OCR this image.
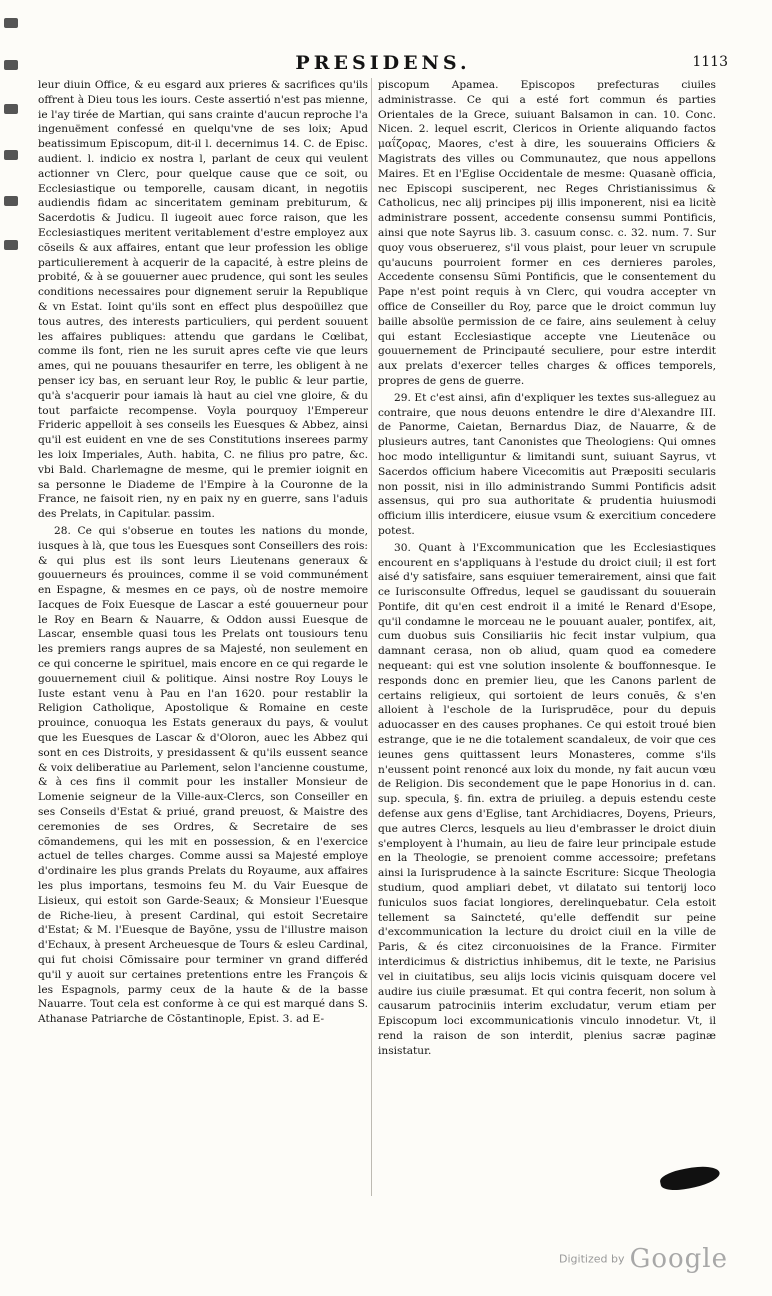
PRESIDENS.	1113

leur diuin Office, & eu esgard aux prieres & sacrifices qu'ils offrent à Dieu tous les iours. Ceste assertió n'est pas mienne, ie l'ay tirée de Martian, qui sans crainte d'aucun reproche l'a ingenuëment confessé en quelqu'vne de ses loix; Apud beatissimum Episcopum, dit-il l. decernimus 14. C. de Episc. audient. l. indicio ex nostra l, parlant de ceux qui veulent actionner vn Clerc, pour quelque cause que ce soit, ou Ecclesiastique ou temporelle, causam dicant, in negotiis audiendis fidam ac sinceritatem geminam prebiturum, & Sacerdotis & Judicu. Il iugeoit auec force raison, que les Ecclesiastiques meritent veritablement d'estre employez aux cõseils & aux affaires, entant que leur profession les oblige particulierement à acquerir de la capacité, à estre pleins de probité, & à se gouuerner auec prudence, qui sont les seules conditions necessaires pour dignement seruir la Republique & vn Estat. Ioint qu'ils sont en effect plus despoüillez que tous autres, des interests particuliers, qui perdent souuent les affaires publiques: attendu que gardans le Cœlibat, comme ils font, rien ne les suruit apres cefte vie que leurs ames, qui ne pouuans thesaurifer en terre, les obligent à ne penser icy bas, en seruant leur Roy, le public & leur partie, qu'à s'acquerir pour iamais là haut au ciel vne gloire, & du tout parfaicte recompense. Voyla pourquoy l'Empereur Frideric appelloit à ses conseils les Euesques & Abbez, ainsi qu'il est euident en vne de ses Constitutions inserees parmy les loix Imperiales, Auth. habita, C. ne filius pro patre, &c. vbi Bald. Charlemagne de mesme, qui le premier ioignit en sa personne le Diademe de l'Empire à la Couronne de la France, ne faisoit rien, ny en paix ny en guerre, sans l'aduis des Prelats, in Capitular. passim.

28. Ce qui s'obserue en toutes les nations du monde, iusques à là, que tous les Euesques sont Conseillers des rois: & qui plus est ils sont leurs Lieutenans generaux & gouuerneurs és prouinces, comme il se void communément en Espagne, & mesmes en ce pays, où de nostre memoire Iacques de Foix Euesque de Lascar a esté gouuerneur pour le Roy en Bearn & Nauarre, & Oddon aussi Euesque de Lascar, ensemble quasi tous les Prelats ont tousiours tenu les premiers rangs aupres de sa Majesté, non seulement en ce qui concerne le spirituel, mais encore en ce qui regarde le gouuernement ciuil & politique. Ainsi nostre Roy Louys le Iuste estant venu à Pau en l'an 1620. pour restablir la Religion Catholique, Apostolique & Romaine en ceste prouince, conuoqua les Estats generaux du pays, & voulut que les Euesques de Lascar & d'Oloron, auec les Abbez qui sont en ces Distroits, y presidassent & qu'ils eussent seance & voix deliberatiue au Parlement, selon l'ancienne coustume, & à ces fins il commit pour les installer Monsieur de Lomenie seigneur de la Ville-aux-Clercs, son Conseiller en ses Conseils d'Estat & priué, grand preuost, & Maistre des ceremonies de ses Ordres, & Secretaire de ses cõmandemens, qui les mit en possession, & en l'exercice actuel de telles charges. Comme aussi sa Majesté employe d'ordinaire les plus grands Prelats du Royaume, aux affaires les plus importans, tesmoins feu M. du Vair Euesque de Lisieux, qui estoit son Garde-Seaux; & Monsieur l'Euesque de Riche-lieu, à present Cardinal, qui estoit Secretaire d'Estat; & M. l'Euesque de Bayõne, yssu de l'illustre maison d'Echaux, à present Archeuesque de Tours & esleu Cardinal, qui fut choisi Cõmissaire pour terminer vn grand differéd qu'il y auoit sur certaines pretentions entre les François & les Espagnols, parmy ceux de la haute & de la basse Nauarre. Tout cela est conforme à ce qui est marqué dans S. Athanase Patriarche de Cõstantinople, Epist. 3. ad E-

piscopum Apamea. Episcopos prefecturas ciuiles administrasse. Ce qui a esté fort commun és parties Orientales de la Grece, suiuant Balsamon in can. 10. Conc. Nicen. 2. lequel escrit, Clericos in Oriente aliquando factos μαΐζορας, Maores, c'est à dire, les souuerains Officiers & Magistrats des villes ou Communautez, que nous appellons Maires. Et en l'Eglise Occidentale de mesme: Quasanè officia, nec Episcopi susciperent, nec Reges Christianissimus & Catholicus, nec alij principes pij illis imponerent, nisi ea licitè administrare possent, accedente consensu summi Pontificis, ainsi que note Sayrus lib. 3. casuum consc. c. 32. num. 7. Sur quoy vous obseruerez, s'il vous plaist, pour leuer vn scrupule qu'aucuns pourroient former en ces dernieres paroles, Accedente consensu Sũmi Pontificis, que le consentement du Pape n'est point requis à vn Clerc, qui voudra accepter vn office de Conseiller du Roy, parce que le droict commun luy baille absolüe permission de ce faire, ains seulement à celuy qui estant Ecclesiastique accepte vne Lieutenãce ou gouuernement de Principauté seculiere, pour estre interdit aux prelats d'exercer telles charges & offices temporels, propres de gens de guerre.

29. Et c'est ainsi, afin d'expliquer les textes sus-alleguez au contraire, que nous deuons entendre le dire d'Alexandre III. de Panorme, Caietan, Bernardus Diaz, de Nauarre, & de plusieurs autres, tant Canonistes que Theologiens: Qui omnes hoc modo intelliguntur & limitandi sunt, suiuant Sayrus, vt Sacerdos officium habere Vicecomitis aut Præpositi secularis non possit, nisi in illo administrando Summi Pontificis adsit assensus, qui pro sua authoritate & prudentia huiusmodi officium illis interdicere, eiusue vsum & exercitium concedere potest.

30. Quant à l'Excommunication que les Ecclesiastiques encourent en s'appliquans à l'estude du droict ciuil; il est fort aisé d'y satisfaire, sans esquiuer temerairement, ainsi que fait ce Iurisconsulte Offredus, lequel se gaudissant du souuerain Pontife, dit qu'en cest endroit il a imité le Renard d'Esope, qu'il condamne le morceau ne le pouuant aualer, pontifex, ait, cum duobus suis Consiliariis hic fecit instar vulpium, qua damnant cerasa, non ob aliud, quam quod ea comedere nequeant: qui est vne solution insolente & bouffonnesque. Ie responds donc en premier lieu, que les Canons parlent de certains religieux, qui sortoient de leurs conuẽs, & s'en alloient à l'eschole de la Iurisprudẽce, pour du depuis aduocasser en des causes prophanes. Ce qui estoit troué bien estrange, que ie ne die totalement scandaleux, de voir que ces ieunes gens quittassent leurs Monasteres, comme s'ils n'eussent point renoncé aux loix du monde, ny fait aucun vœu de Religion. Dis secondement que le pape Honorius in d. can. sup. specula, §. fin. extra de priuileg. a depuis estendu ceste defense aux gens d'Eglise, tant Archidiacres, Doyens, Prieurs, que autres Clercs, lesquels au lieu d'embrasser le droict diuin s'employent à l'humain, au lieu de faire leur principale estude en la Theologie, se prenoient comme accessoire; prefetans ainsi la Iurisprudence à la saincte Escriture: Sicque Theologia studium, quod ampliari debet, vt dilatato sui tentorij loco funiculos suos faciat longiores, derelinquebatur. Cela estoit tellement sa Saincteté, qu'elle deffendit sur peine d'excommunication la lecture du droict ciuil en la ville de Paris, & és citez circonuoisines de la France. Firmiter interdicimus & districtius inhibemus, dit le texte, ne Parisius vel in ciuitatibus, seu alijs locis vicinis quisquam docere vel audire ius ciuile præsumat. Et qui contra fecerit, non solum à causarum patrociniis interim excludatur, verum etiam per Episcopum loci excommunicationis vinculo innodetur. Vt, il rend la raison de son interdit, plenius sacræ paginæ insistatur.

Digitized by Google
